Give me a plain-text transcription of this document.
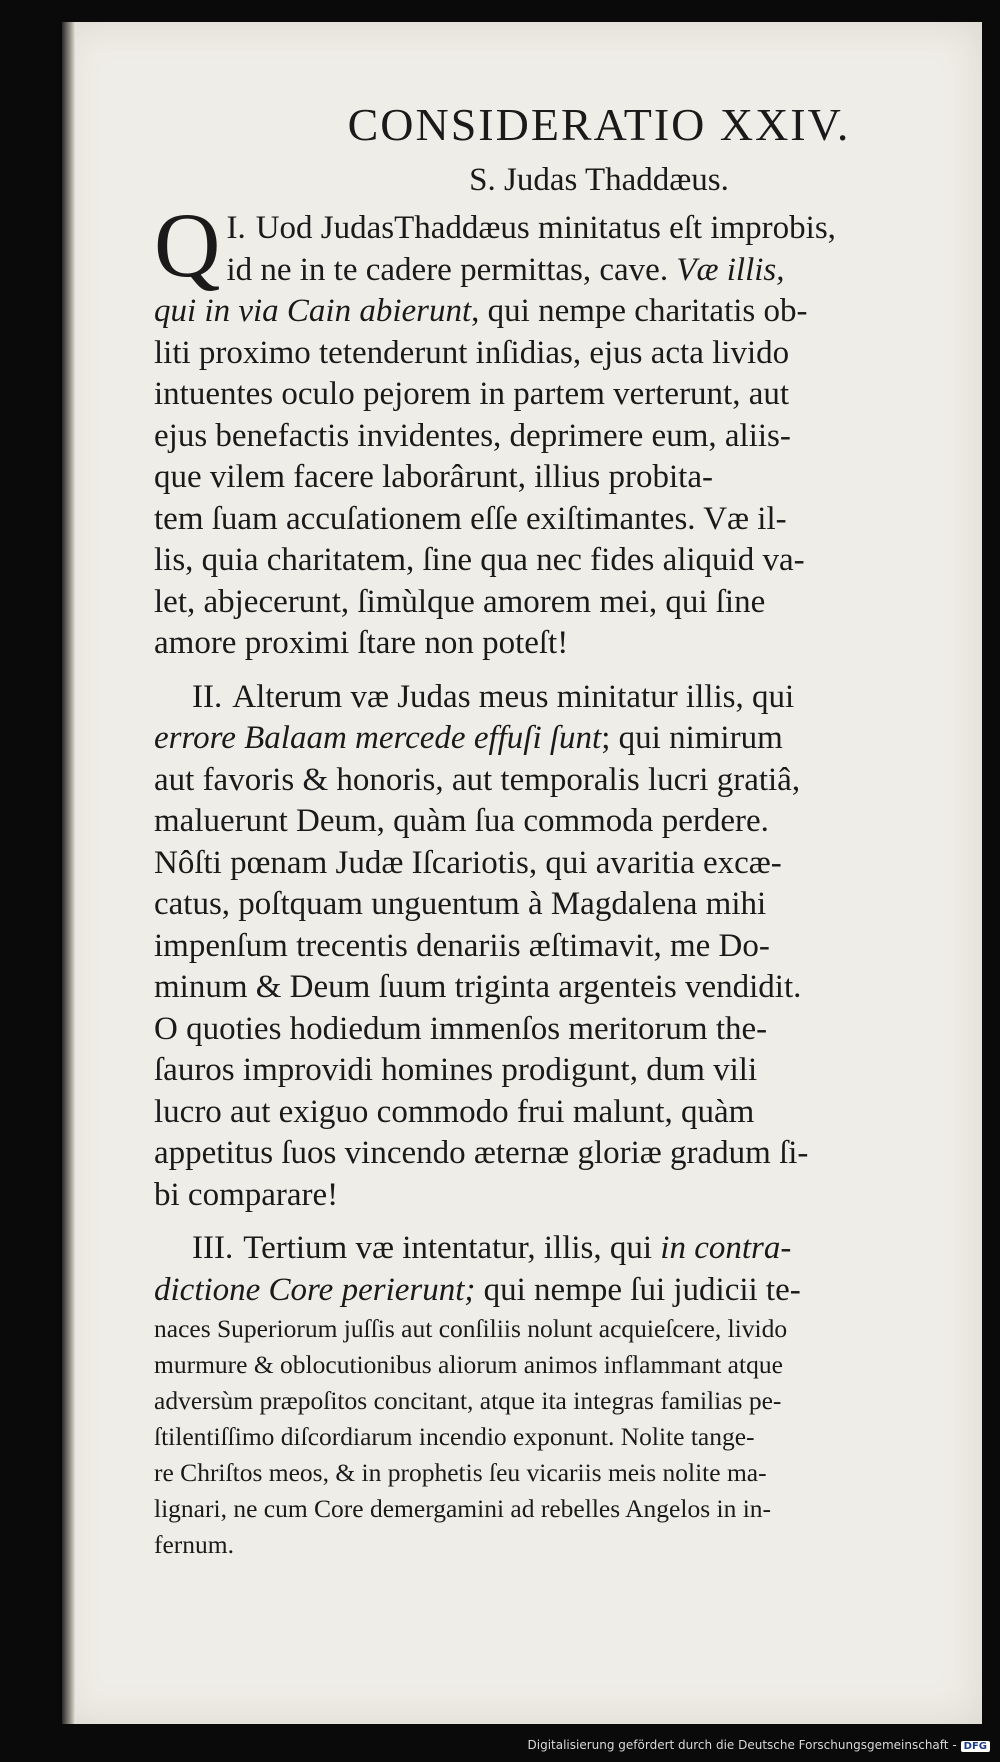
CONSIDERATIO XXIV.
S. Judas Thaddæus.

I.
Q Uod JudasThaddæus minitatus eſt improbis,
id ne in te cadere permittas, cave. Væ illis,
qui in via Cain abierunt, qui nempe charitatis ob-
liti proximo tetenderunt inſidias, ejus acta livido
intuentes oculo pejorem in partem verterunt, aut
ejus benefactis invidentes, deprimere eum, aliis-
que vilem facere laborârunt, illius probita-
tem ſuam accuſationem eſſe exiſtimantes. Væ il-
lis, quia charitatem, ſine qua nec fides aliquid va-
let, abjecerunt, ſimùlque amorem mei, qui ſine
amore proximi ſtare non poteſt!

II. Alterum væ Judas meus minitatur illis, qui
errore Balaam mercede effuſi ſunt; qui nimirum
aut favoris & honoris, aut temporalis lucri gratiâ,
maluerunt Deum, quàm ſua commoda perdere.
Nôſti pœnam Judæ Iſcariotis, qui avaritia excæ-
catus, poſtquam unguentum à Magdalena mihi
impenſum trecentis denariis æſtimavit, me Do-
minum & Deum ſuum triginta argenteis vendidit.
O quoties hodiedum immenſos meritorum the-
ſauros improvidi homines prodigunt, dum vili
lucro aut exiguo commodo frui malunt, quàm
appetitus ſuos vincendo æternæ gloriæ gradum ſi-
bi comparare!

III. Tertium væ intentatur, illis, qui in contra-
dictione Core perierunt; qui nempe ſui judicii te-

naces Superiorum juſſis aut conſiliis nolunt acquieſcere, livido
murmure & oblocutionibus aliorum animos inflammant atque
adversùm præpoſitos concitant, atque ita integras familias pe-
ſtilentiſſimo diſcordiarum incendio exponunt. Nolite tange-
re Chriſtos meos, & in prophetis ſeu vicariis meis nolite ma-
lignari, ne cum Core demergamini ad rebelles Angelos in in-
fernum.

Digitalisierung gefördert durch die Deutsche Forschungsgemeinschaft - DFG
